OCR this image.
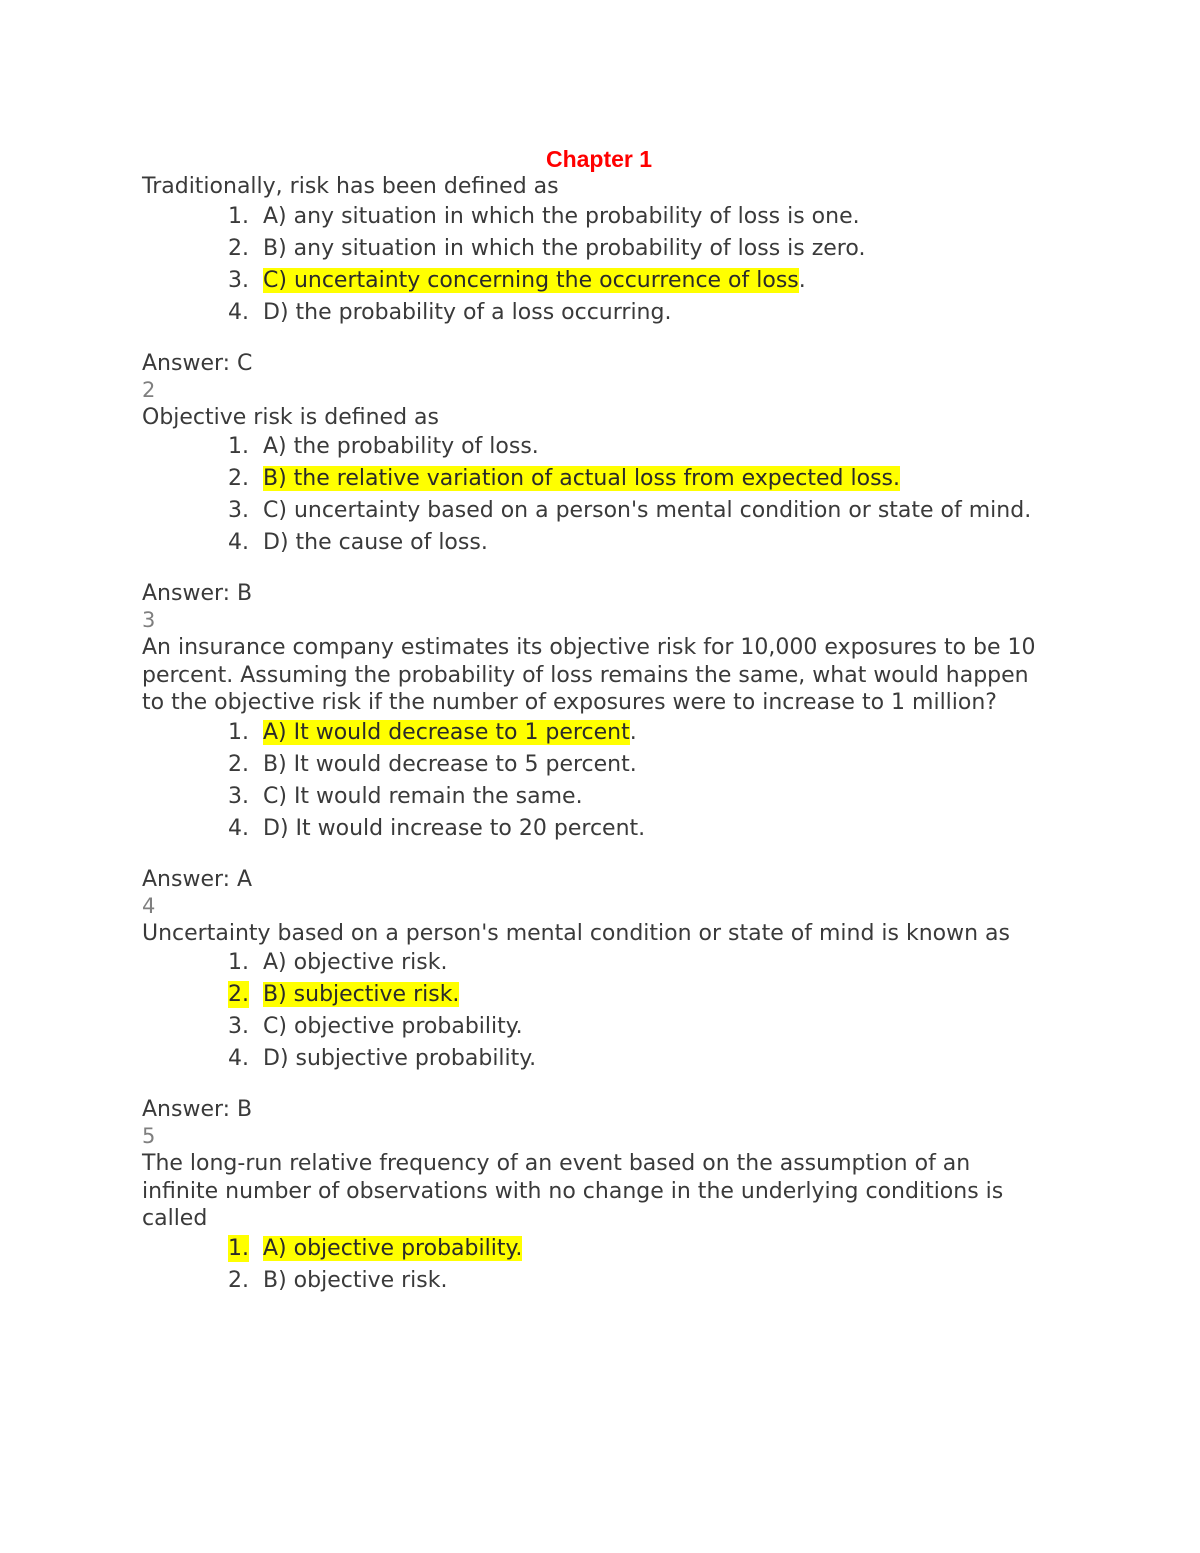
Chapter 1

Traditionally, risk has been defined as

1. A) any situation in which the probability of loss is one.
2. B) any situation in which the probability of loss is zero.
3. C) uncertainty concerning the occurrence of loss.
4. D) the probability of a loss occurring.

Answer: C

2

Objective risk is defined as

1. A) the probability of loss.
2. B) the relative variation of actual loss from expected loss.
3. C) uncertainty based on a person's mental condition or state of mind.
4. D) the cause of loss.

Answer: B

3

An insurance company estimates its objective risk for 10,000 exposures to be 10 percent. Assuming the probability of loss remains the same, what would happen to the objective risk if the number of exposures were to increase to 1 million?

1. A) It would decrease to 1 percent.
2. B) It would decrease to 5 percent.
3. C) It would remain the same.
4. D) It would increase to 20 percent.

Answer: A

4

Uncertainty based on a person's mental condition or state of mind is known as

1. A) objective risk.
2. B) subjective risk.
3. C) objective probability.
4. D) subjective probability.

Answer: B

5

The long-run relative frequency of an event based on the assumption of an infinite number of observations with no change in the underlying conditions is called

1. A) objective probability.
2. B) objective risk.
